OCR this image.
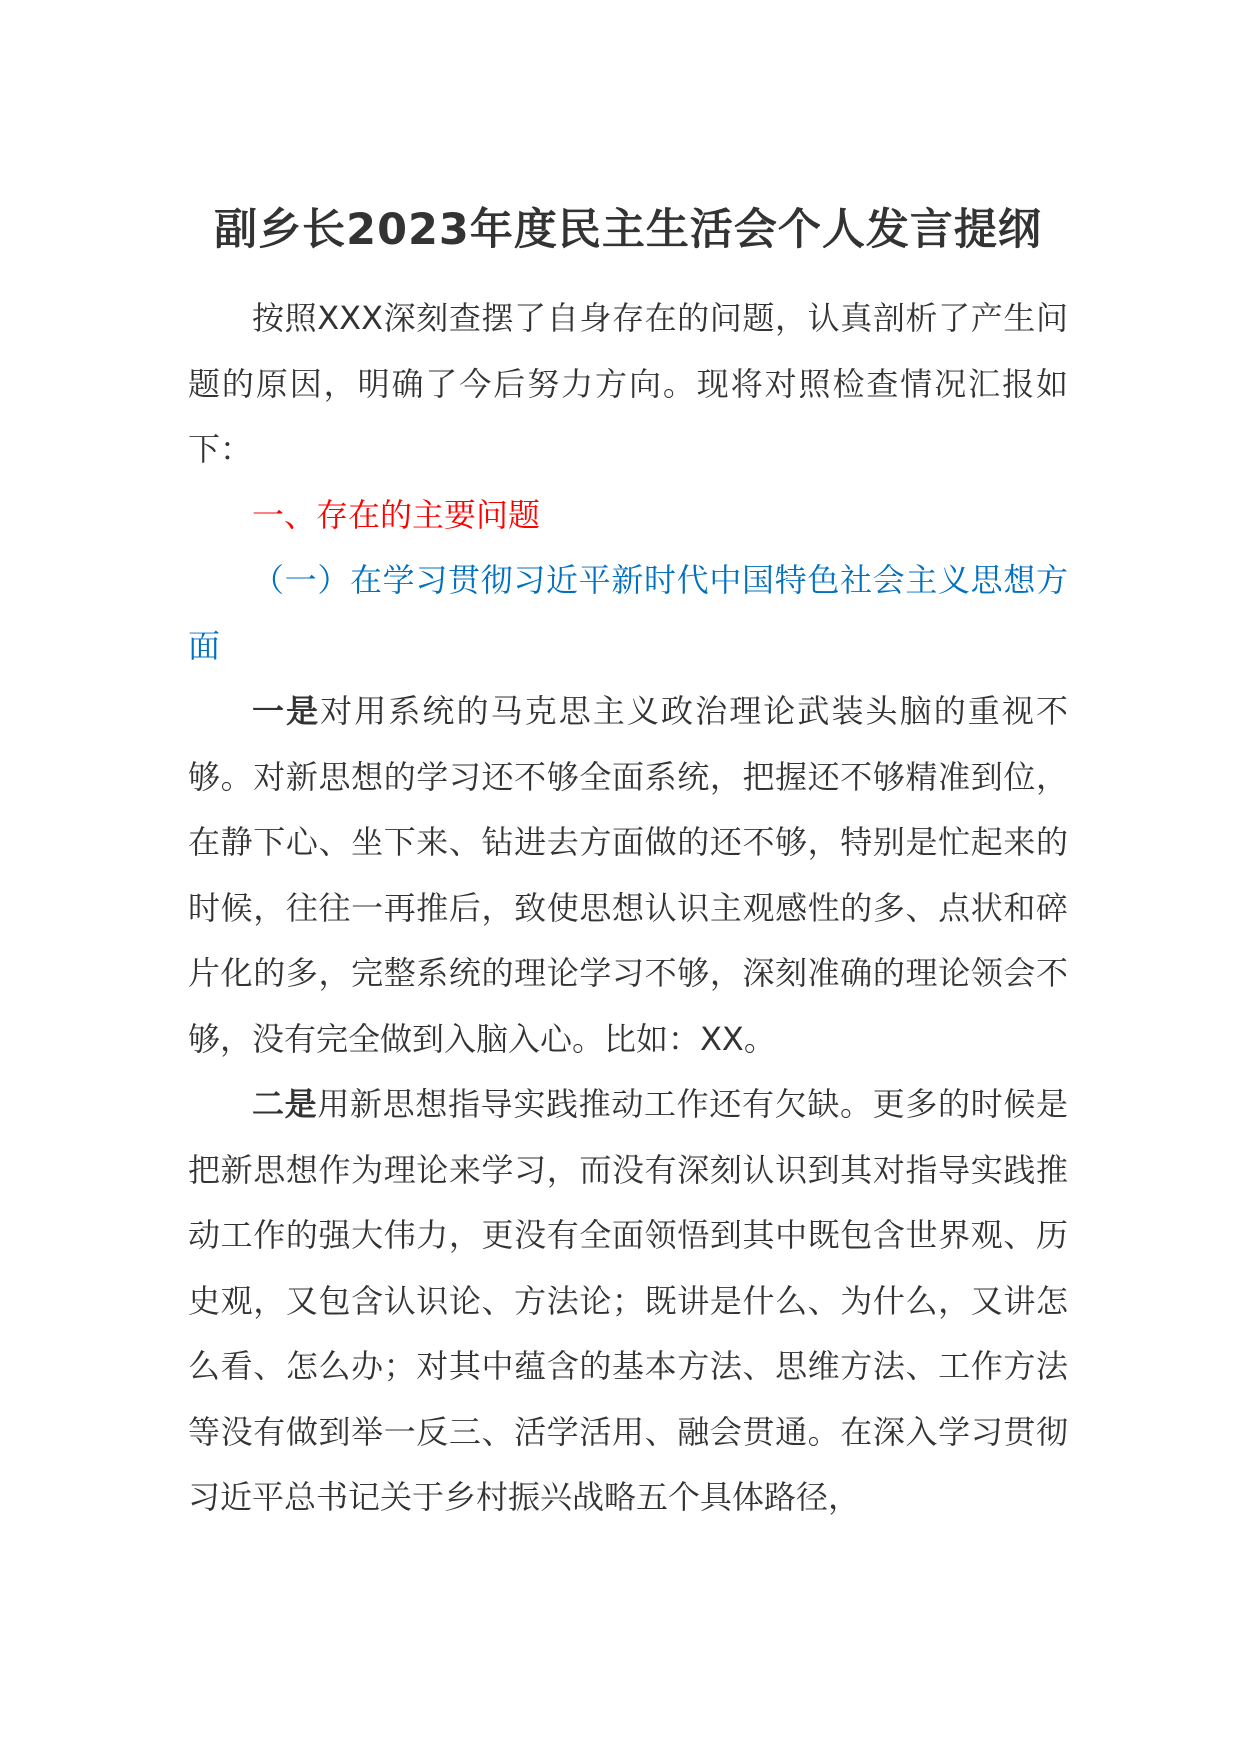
副乡长2023年度民主生活会个人发言提纲

按照XXX深刻查摆了自身存在的问题，认真剖析了产生问题的原因，明确了今后努力方向。现将对照检查情况汇报如下：

一、存在的主要问题

（一）在学习贯彻习近平新时代中国特色社会主义思想方面

一是对用系统的马克思主义政治理论武装头脑的重视不够。对新思想的学习还不够全面系统，把握还不够精准到位，在静下心、坐下来、钻进去方面做的还不够，特别是忙起来的时候，往往一再推后，致使思想认识主观感性的多、点状和碎片化的多，完整系统的理论学习不够，深刻准确的理论领会不够，没有完全做到入脑入心。比如：XX。

二是用新思想指导实践推动工作还有欠缺。更多的时候是把新思想作为理论来学习，而没有深刻认识到其对指导实践推动工作的强大伟力，更没有全面领悟到其中既包含世界观、历史观，又包含认识论、方法论；既讲是什么、为什么，又讲怎么看、怎么办；对其中蕴含的基本方法、思维方法、工作方法等没有做到举一反三、活学活用、融会贯通。在深入学习贯彻习近平总书记关于乡村振兴战略五个具体路径，
